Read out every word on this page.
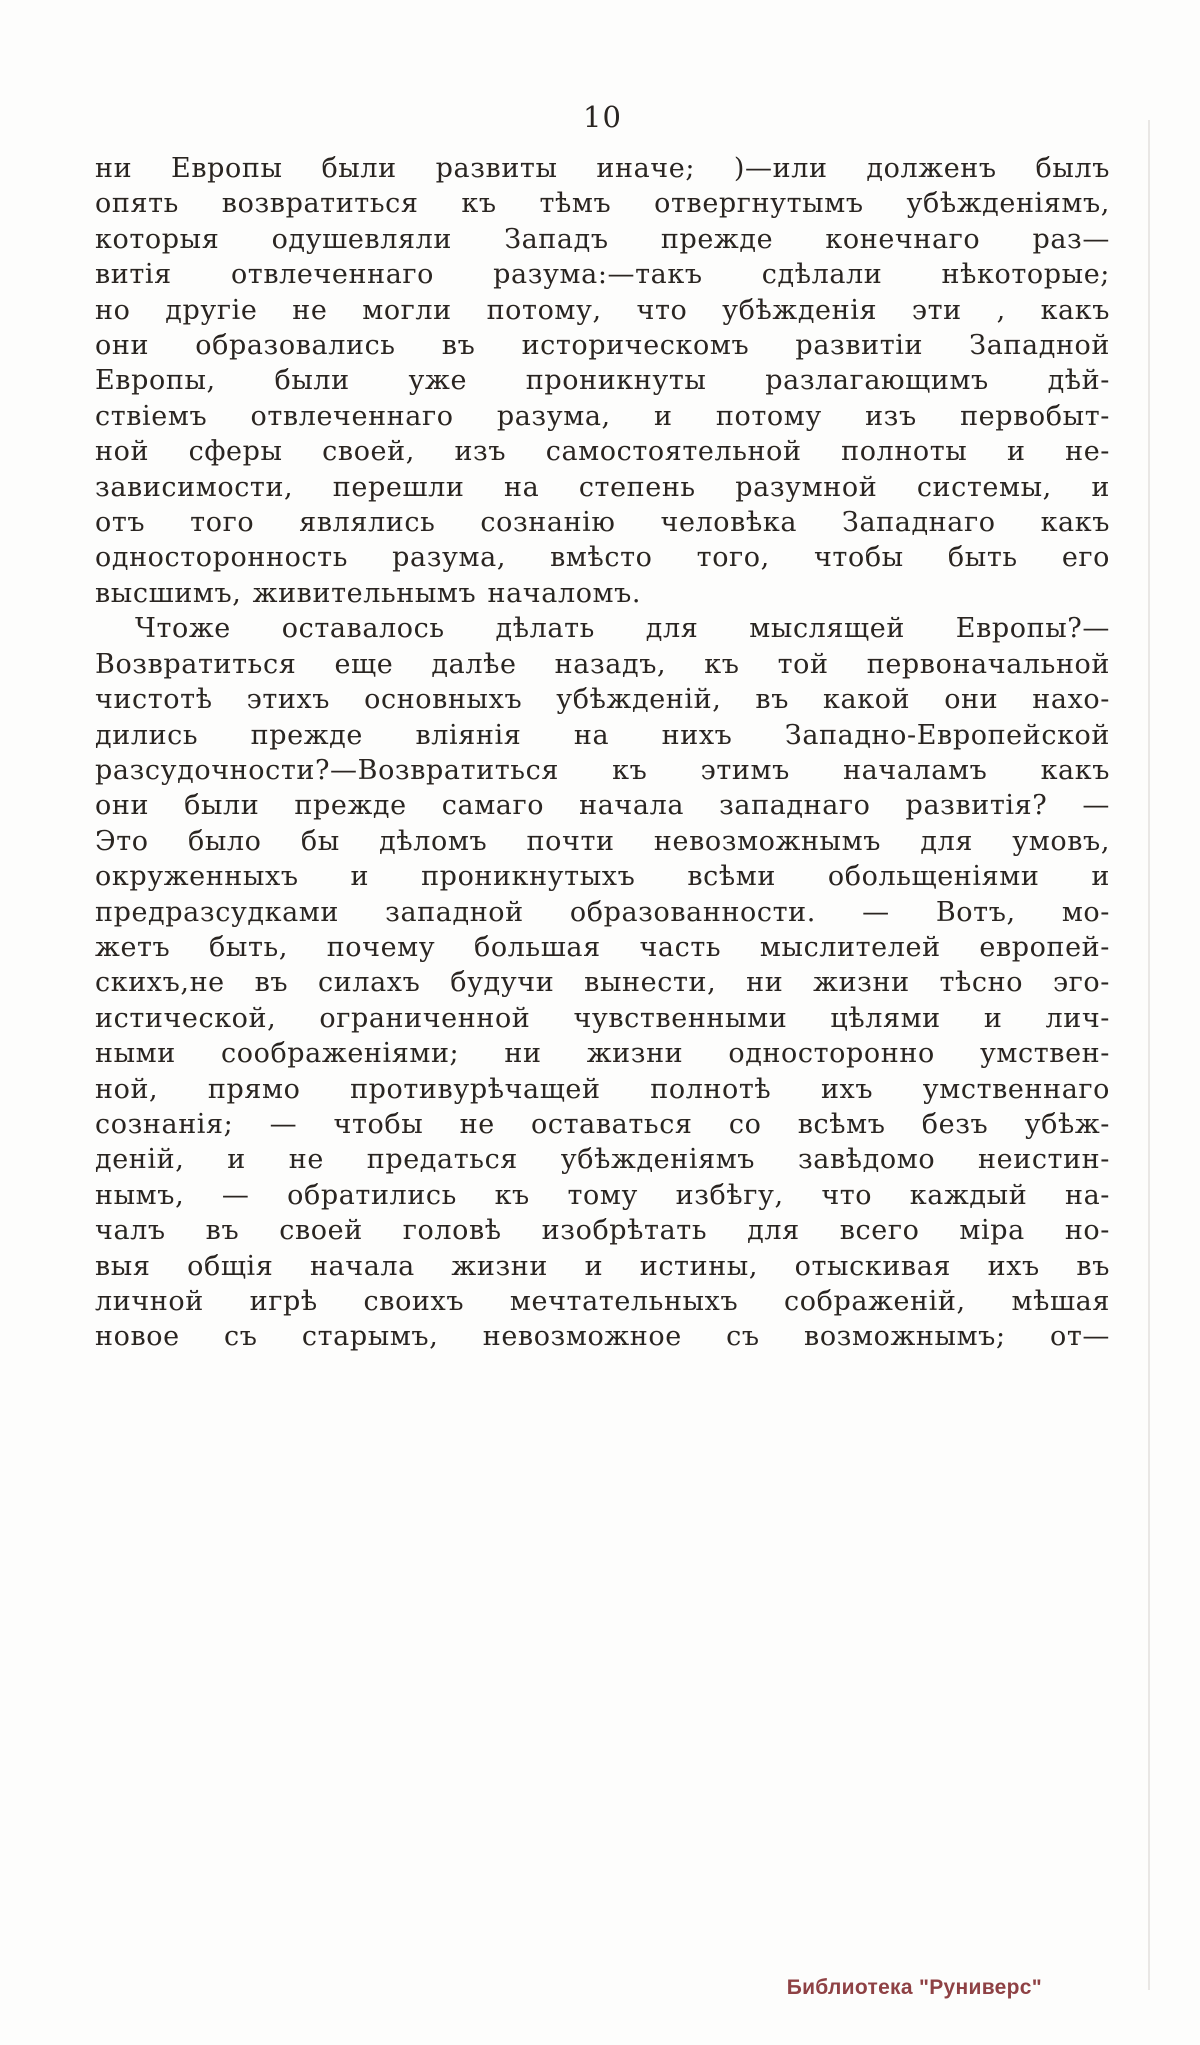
10
ни Европы были развиты иначе; )—или долженъ былъ
опять возвратиться къ тѣмъ отвергнутымъ убѣжденіямъ,
которыя одушевляли Западъ прежде конечнаго раз—
витія отвлеченнаго разума:—такъ сдѣлали нѣкоторые;
но другіе не могли потому, что убѣжденія эти , какъ
они образовались въ историческомъ развитіи Западной
Европы, были уже проникнуты разлагающимъ дѣй-
ствіемъ отвлеченнаго разума, и потому изъ первобыт-
ной сферы своей, изъ самостоятельной полноты и не-
зависимости, перешли на степень разумной системы, и
отъ того являлись сознанію человѣка Западнаго какъ
односторонность разума, вмѣсто того, чтобы быть его
высшимъ, живительнымъ началомъ.
Чтоже оставалось дѣлать для мыслящей Европы?—
Возвратиться еще далѣе назадъ, къ той первоначальной
чистотѣ этихъ основныхъ убѣжденій, въ какой они нахо-
дились прежде вліянія на нихъ Западно-Европейской
разсудочности?—Возвратиться къ этимъ началамъ какъ
они были прежде самаго начала западнаго развитія? —
Это было бы дѣломъ почти невозможнымъ для умовъ,
окруженныхъ и проникнутыхъ всѣми обольщеніями и
предразсудками западной образованности. — Вотъ, мо-
жетъ быть, почему большая часть мыслителей европей-
скихъ,не въ силахъ будучи вынести, ни жизни тѣсно эго-
истической, ограниченной чувственными цѣлями и лич-
ными соображеніями; ни жизни односторонно умствен-
ной, прямо противурѣчащей полнотѣ ихъ умственнаго
сознанія; — чтобы не оставаться со всѣмъ безъ убѣж-
деній, и не предаться убѣжденіямъ завѣдомо неистин-
нымъ, — обратились къ тому избѣгу, что каждый на-
чалъ въ своей головѣ изобрѣтать для всего міра но-
выя общія начала жизни и истины, отыскивая ихъ въ
личной игрѣ своихъ мечтательныхъ сображеній, мѣшая
новое съ старымъ, невозможное съ возможнымъ; от—
Библиотека "Руниверс"
